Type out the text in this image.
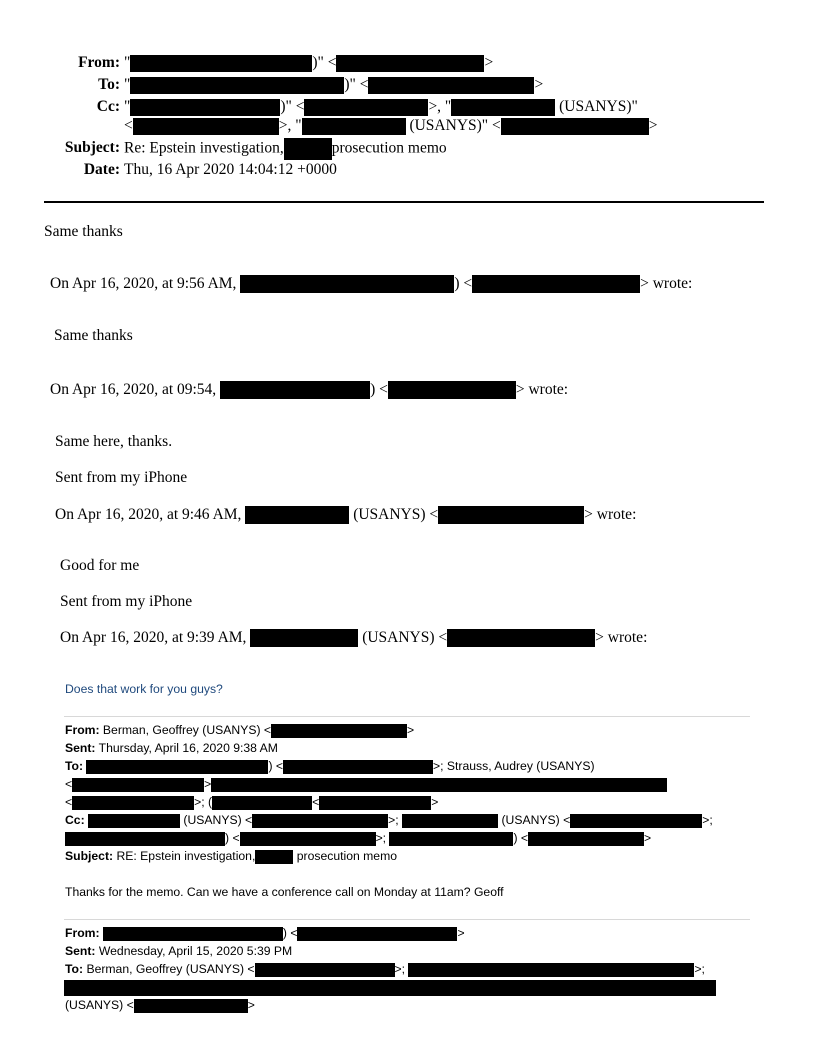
From: "	)" <	>
To: "	)" <	>
Cc: "	)" <	>, "	(USANYS)"
<	>, "	(USANYS)" <	>
Subject: Re: Epstein investigation,	prosecution memo
Date: Thu, 16 Apr 2020 14:04:12 +0000
Same thanks
On Apr 16, 2020, at 9:56 AM,	) <	> wrote:
Same thanks
On Apr 16, 2020, at 09:54,	) <	> wrote:
Same here, thanks.
Sent from my iPhone
On Apr 16, 2020, at 9:46 AM,	(USANYS) <	> wrote:
Good for me
Sent from my iPhone
On Apr 16, 2020, at 9:39 AM,	(USANYS) <	> wrote:
Does that work for you guys?
From: Berman, Geoffrey (USANYS) <	>
Sent: Thursday, April 16, 2020 9:38 AM
To:	) <	>; Strauss, Audrey (USANYS)
<	>
<	>; (	<	>
Cc:	(USANYS) <	>;	(USANYS) <	>;
) <	>;	) <	>
Subject: RE: Epstein investigation,	prosecution memo
Thanks for the memo. Can we have a conference call on Monday at 11am? Geoff
From:	) <	>
Sent: Wednesday, April 15, 2020 5:39 PM
To: Berman, Geoffrey (USANYS) <	>;	>;
(USANYS) <	>
